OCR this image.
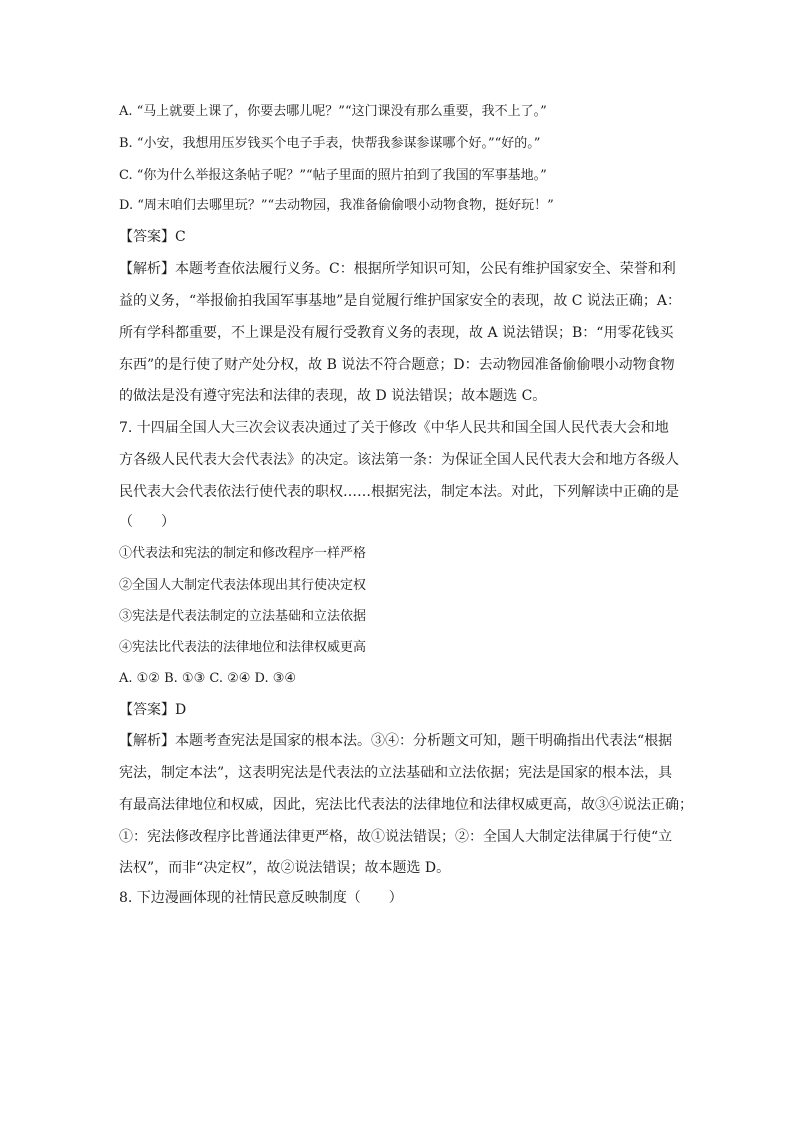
A. “马上就要上课了，你要去哪儿呢？”“这门课没有那么重要，我不上了。”
B. “小安，我想用压岁钱买个电子手表，快帮我参谋参谋哪个好。”“好的。”
C. “你为什么举报这条帖子呢？”“帖子里面的照片拍到了我国的军事基地。”
D. “周末咱们去哪里玩？”“去动物园，我准备偷偷喂小动物食物，挺好玩！”
【答案】C
【解析】本题考查依法履行义务。C：根据所学知识可知，公民有维护国家安全、荣誉和利
益的义务，“举报偷拍我国军事基地”是自觉履行维护国家安全的表现，故 C 说法正确；A：
所有学科都重要，不上课是没有履行受教育义务的表现，故 A 说法错误；B：“用零花钱买
东西”的是行使了财产处分权，故 B 说法不符合题意；D：去动物园准备偷偷喂小动物食物
的做法是没有遵守宪法和法律的表现，故 D 说法错误；故本题选 C。
7. 十四届全国人大三次会议表决通过了关于修改《中华人民共和国全国人民代表大会和地
方各级人民代表大会代表法》的决定。该法第一条：为保证全国人民代表大会和地方各级人
民代表大会代表依法行使代表的职权……根据宪法，制定本法。对此，下列解读中正确的是
（　　）
①代表法和宪法的制定和修改程序一样严格
②全国人大制定代表法体现出其行使决定权
③宪法是代表法制定的立法基础和立法依据
④宪法比代表法的法律地位和法律权威更高
A. ①② B. ①③ C. ②④ D. ③④
【答案】D
【解析】本题考查宪法是国家的根本法。③④：分析题文可知，题干明确指出代表法“根据
宪法，制定本法”，这表明宪法是代表法的立法基础和立法依据；宪法是国家的根本法，具
有最高法律地位和权威，因此，宪法比代表法的法律地位和法律权威更高，故③④说法正确；
①：宪法修改程序比普通法律更严格，故①说法错误；②：全国人大制定法律属于行使“立
法权”，而非“决定权”，故②说法错误；故本题选 D。
8. 下边漫画体现的社情民意反映制度（　　）
